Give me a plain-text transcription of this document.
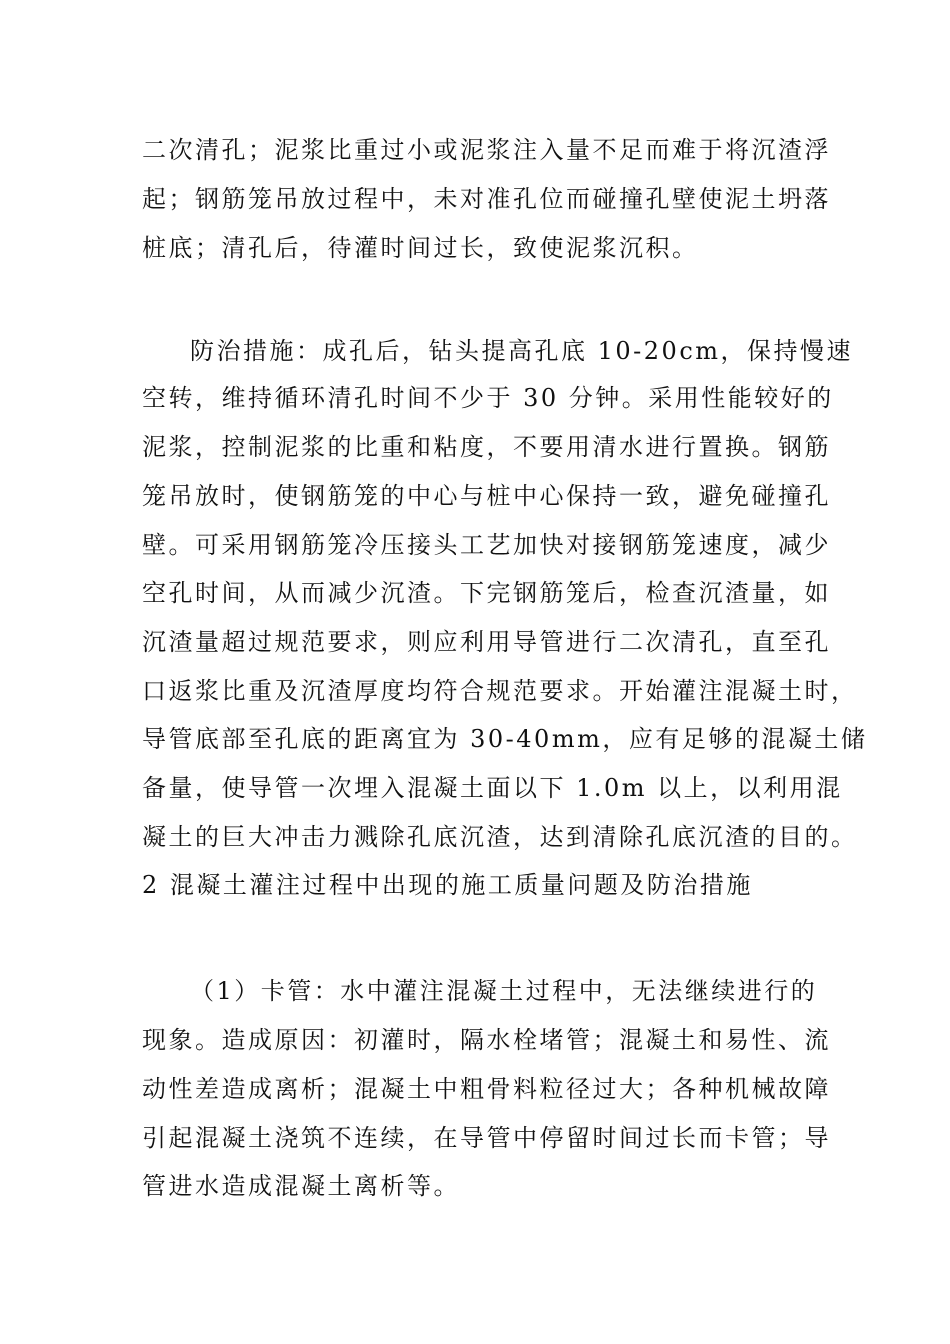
二次清孔；泥浆比重过小或泥浆注入量不足而难于将沉渣浮
起；钢筋笼吊放过程中，未对准孔位而碰撞孔壁使泥土坍落
桩底；清孔后，待灌时间过长，致使泥浆沉积。
防治措施：成孔后，钻头提高孔底 10-20cm，保持慢速
空转，维持循环清孔时间不少于 30 分钟。采用性能较好的
泥浆，控制泥浆的比重和粘度，不要用清水进行置换。钢筋
笼吊放时，使钢筋笼的中心与桩中心保持一致，避免碰撞孔
壁。可采用钢筋笼冷压接头工艺加快对接钢筋笼速度，减少
空孔时间，从而减少沉渣。下完钢筋笼后，检查沉渣量，如
沉渣量超过规范要求，则应利用导管进行二次清孔，直至孔
口返浆比重及沉渣厚度均符合规范要求。开始灌注混凝土时，
导管底部至孔底的距离宜为 30-40mm，应有足够的混凝土储
备量，使导管一次埋入混凝土面以下 1.0m 以上，以利用混
凝土的巨大冲击力溅除孔底沉渣，达到清除孔底沉渣的目的。
2 混凝土灌注过程中出现的施工质量问题及防治措施
（1）卡管：水中灌注混凝土过程中，无法继续进行的
现象。造成原因：初灌时，隔水栓堵管；混凝土和易性、流
动性差造成离析；混凝土中粗骨料粒径过大；各种机械故障
引起混凝土浇筑不连续，在导管中停留时间过长而卡管；导
管进水造成混凝土离析等。
